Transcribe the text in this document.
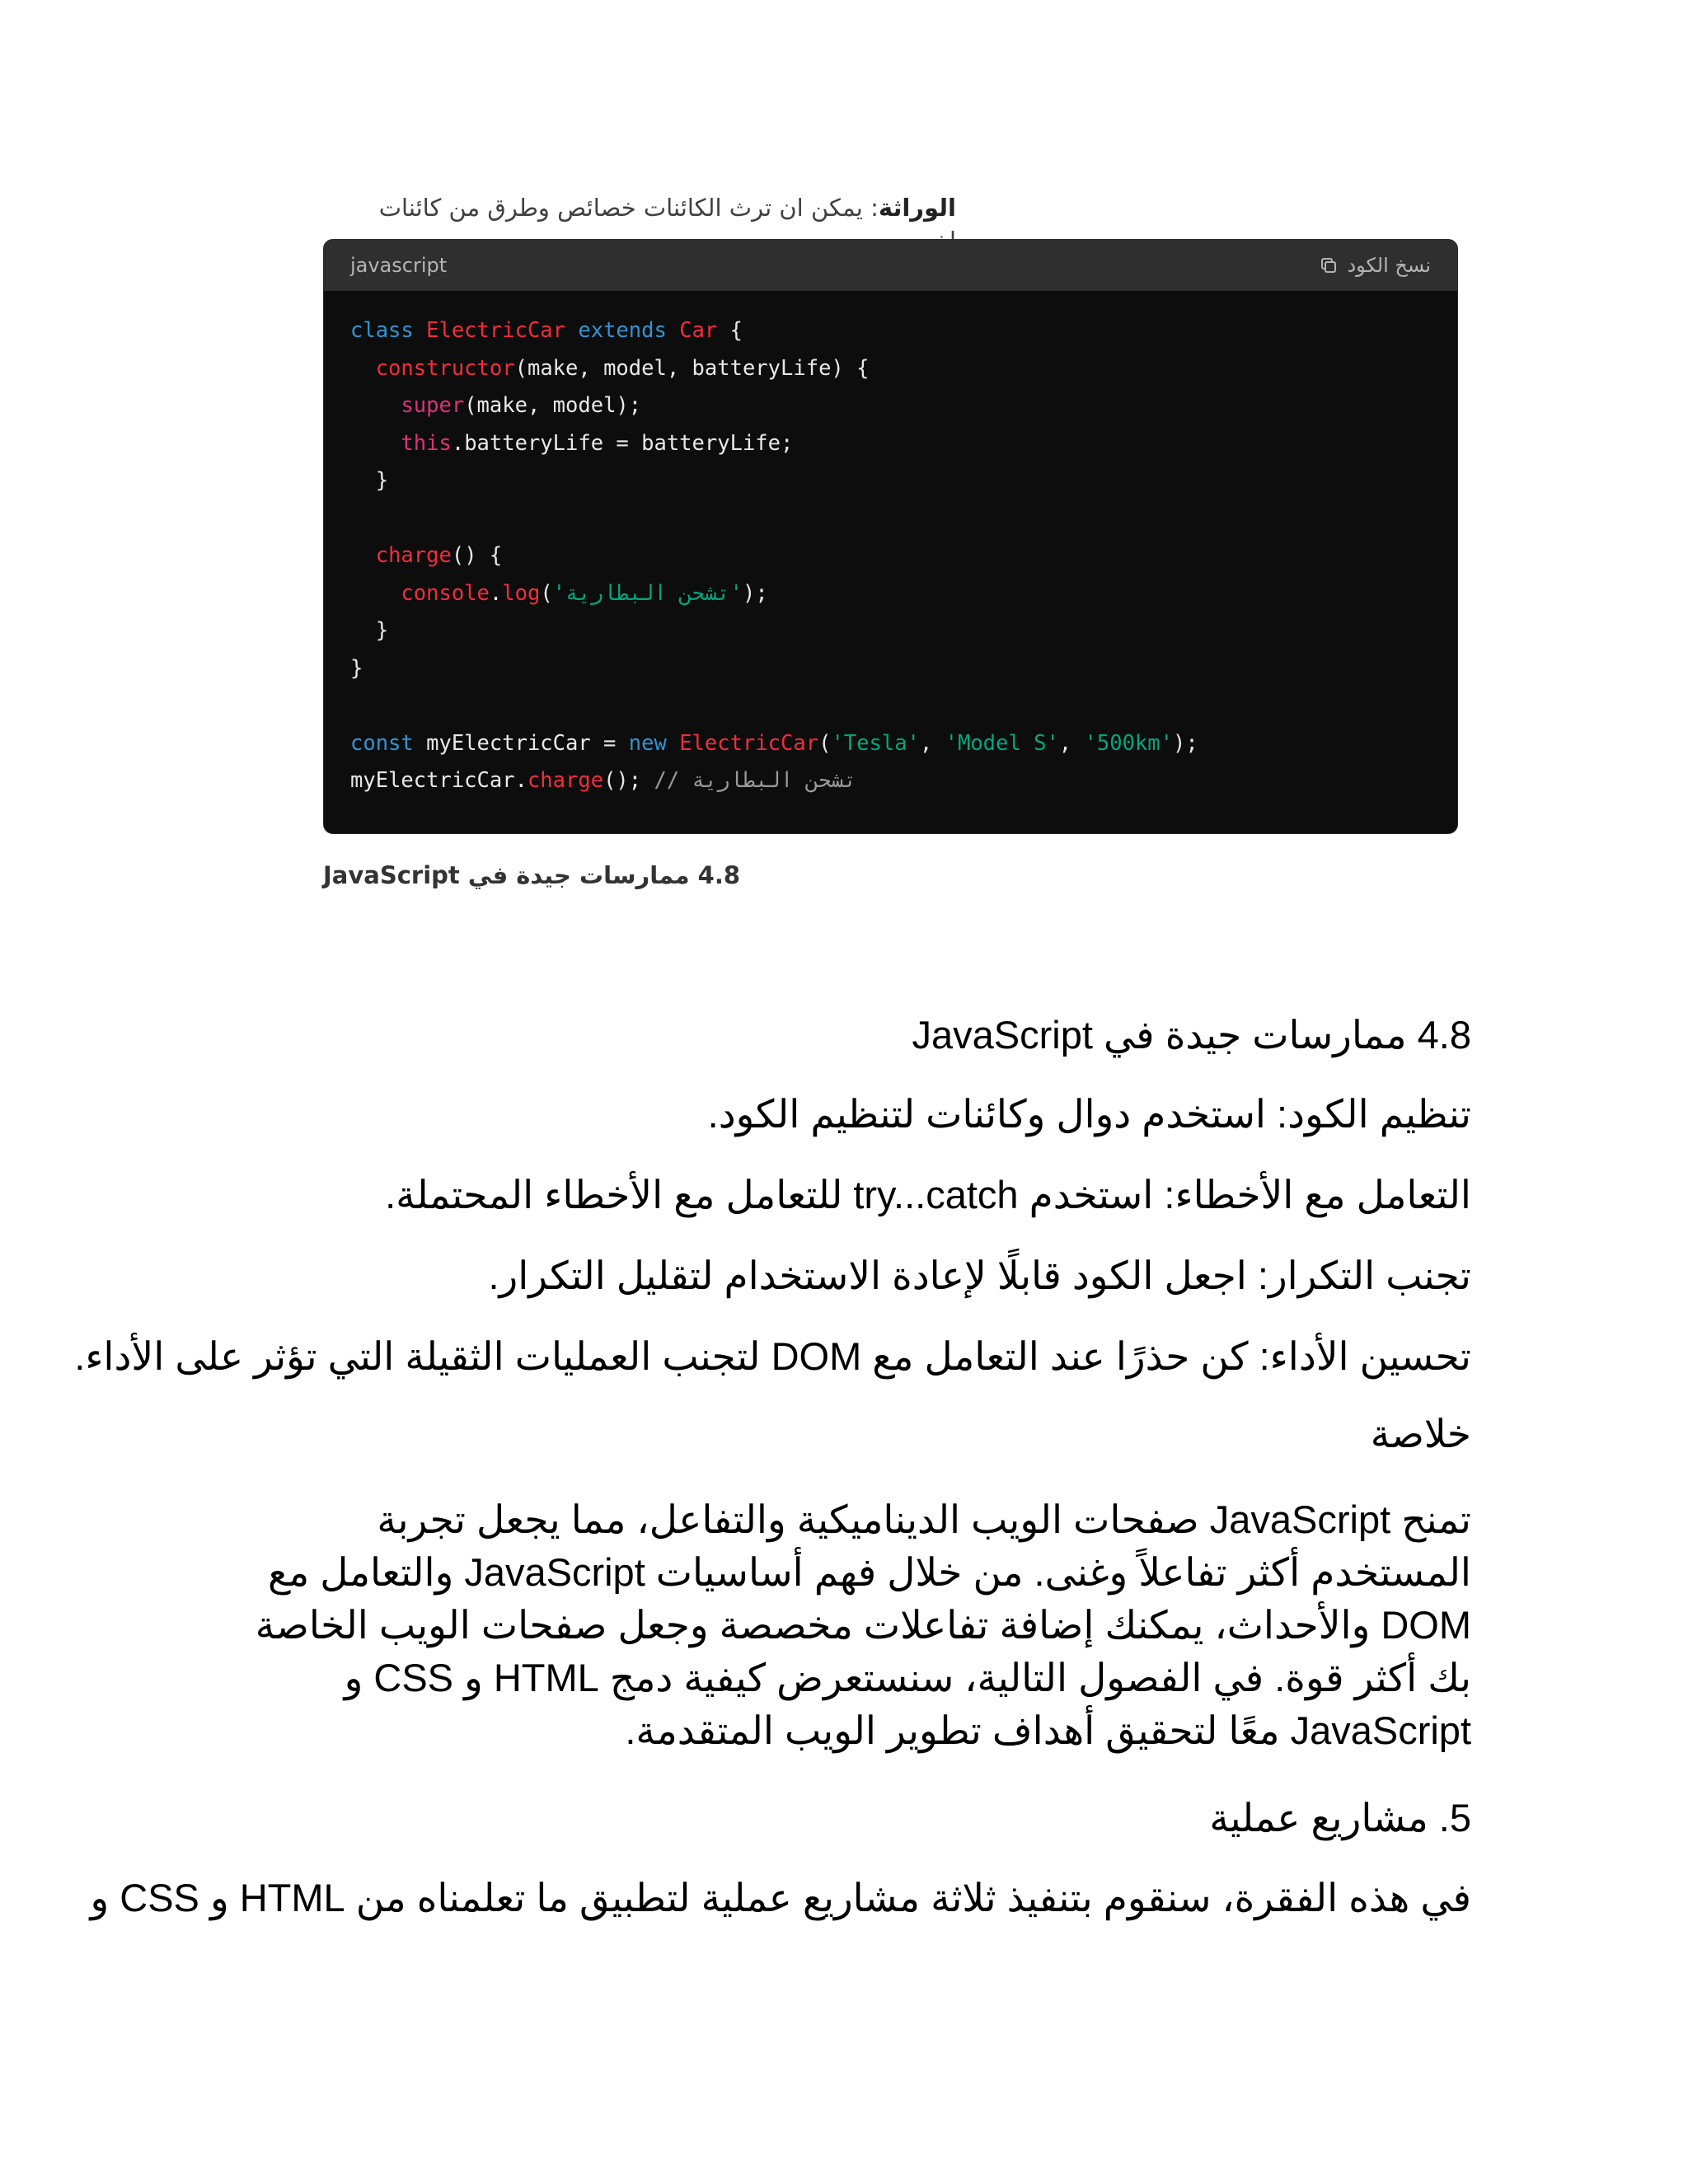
الوراثة: يمكن ان ترث الكائنات خصائص وطرق من كائنات
javascript	نسخ الكود
class ElectricCar extends Car {
constructor(make, model, batteryLife) {
super(make, model);
this.batteryLife = batteryLife;
}

charge() {
console.log('تشحن البطارية');
}
}

const myElectricCar = new ElectricCar('Tesla', 'Model S', '500km');
myElectricCar.charge(); // تشحن البطارية
4.8 ممارسات جيدة في JavaScript
4.8 ممارسات جيدة في JavaScript
تنظيم الكود: استخدم دوال وكائنات لتنظيم الكود.
التعامل مع الأخطاء: استخدم try...catch للتعامل مع الأخطاء المحتملة.
تجنب التكرار: اجعل الكود قابلًا لإعادة الاستخدام لتقليل التكرار.
تحسين الأداء: كن حذرًا عند التعامل مع DOM لتجنب العمليات الثقيلة التي تؤثر على الأداء.
خلاصة
تمنح JavaScript صفحات الويب الديناميكية والتفاعل، مما يجعل تجربة المستخدم أكثر تفاعلاً وغنى. من خلال فهم أساسيات JavaScript والتعامل مع DOM والأحداث، يمكنك إضافة تفاعلات مخصصة وجعل صفحات الويب الخاصة بك أكثر قوة. في الفصول التالية، سنستعرض كيفية دمج HTML و CSS و JavaScript معًا لتحقيق أهداف تطوير الويب المتقدمة.
5. مشاريع عملية
في هذه الفقرة، سنقوم بتنفيذ ثلاثة مشاريع عملية لتطبيق ما تعلمناه من HTML و CSS و
